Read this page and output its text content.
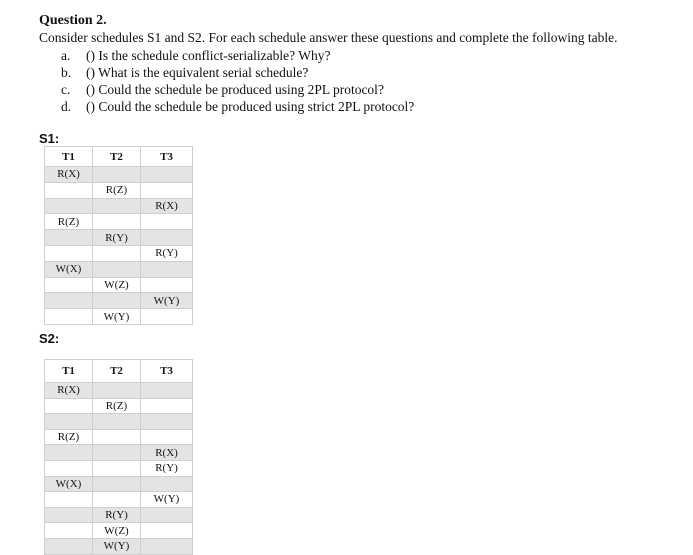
Question 2.
Consider schedules S1 and S2. For each schedule answer these questions and complete the following table.
a. () Is the schedule conflict-serializable? Why?
b. () What is the equivalent serial schedule?
c. () Could the schedule be produced using 2PL protocol?
d. () Could the schedule be produced using strict 2PL protocol?
S1:
T1	T2	T3
R(X)		
	R(Z)	
		R(X)
R(Z)		
	R(Y)	
		R(Y)
W(X)		
	W(Z)	
		W(Y)
	W(Y)	
S2:
T1	T2	T3
R(X)		
	R(Z)	

R(Z)		
		R(X)
		R(Y)
W(X)		
		W(Y)
	R(Y)	
	W(Z)	
	W(Y)	
